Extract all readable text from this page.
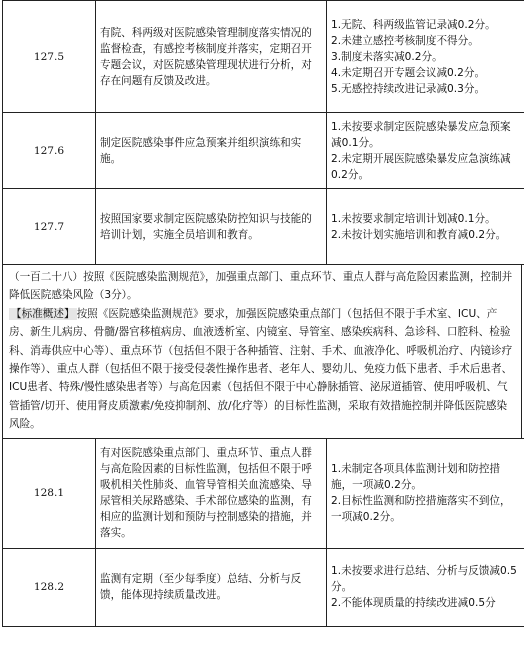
127.5	有院、科两级对医院感染管理制度落实情况的监督检查，有感控考核制度并落实，定期召开专题会议，对医院感染管理现状进行分析，对存在问题有反馈及改进。	1.无院、科两级监管记录减0.2分。
2.未建立感控考核制度不得分。
3.制度未落实减0.2分。
4.未定期召开专题会议减0.2分。
5.无感控持续改进记录减0.3分。

127.6	制定医院感染事件应急预案并组织演练和实施。	1.未按要求制定医院感染暴发应急预案减0.1分。
2.未定期开展医院感染暴发应急演练减0.2分。

127.7	按照国家要求制定医院感染防控知识与技能的培训计划，实施全员培训和教育。	1.未按要求制定培训计划减0.1分。
2.未按计划实施培训和教育减0.2分。
（一百二十八）按照《医院感染监测规范》，加强重点部门、重点环节、重点人群与高危险因素监测，控制并降低医院感染风险（3分）。
【标准概述】 按照《医院感染监测规范》要求，加强医院感染重点部门（包括但不限于手术室、ICU、产房、新生儿病房、骨髓/器官移植病房、血液透析室、内镜室、导管室、感染疾病科、急诊科、口腔科、检验科、消毒供应中心等）、重点环节（包括但不限于各种插管、注射、手术、血液净化、呼吸机治疗、内镜诊疗操作等）、重点人群（包括但不限于接受侵袭性操作患者、老年人、婴幼儿、免疫力低下患者、手术后患者、ICU患者、特殊/慢性感染患者等）与高危因素（包括但不限于中心静脉插管、泌尿道插管、使用呼吸机、气管插管/切开、使用肾皮质激素/免疫抑制剂、放/化疗等）的目标性监测，采取有效措施控制并降低医院感染风险。
128.1	有对医院感染重点部门、重点环节、重点人群与高危险因素的目标性监测，包括但不限于呼吸机相关性肺炎、血管导管相关血流感染、导尿管相关尿路感染、手术部位感染的监测，有相应的监测计划和预防与控制感染的措施，并落实。	1.未制定各项具体监测计划和防控措施，一项减0.2分。
2.目标性监测和防控措施落实不到位，一项减0.2分。

128.2	监测有定期（至少每季度）总结、分析与反馈，能体现持续质量改进。	1.未按要求进行总结、分析与反馈减0.5分。
2.不能体现质量的持续改进减0.5分
